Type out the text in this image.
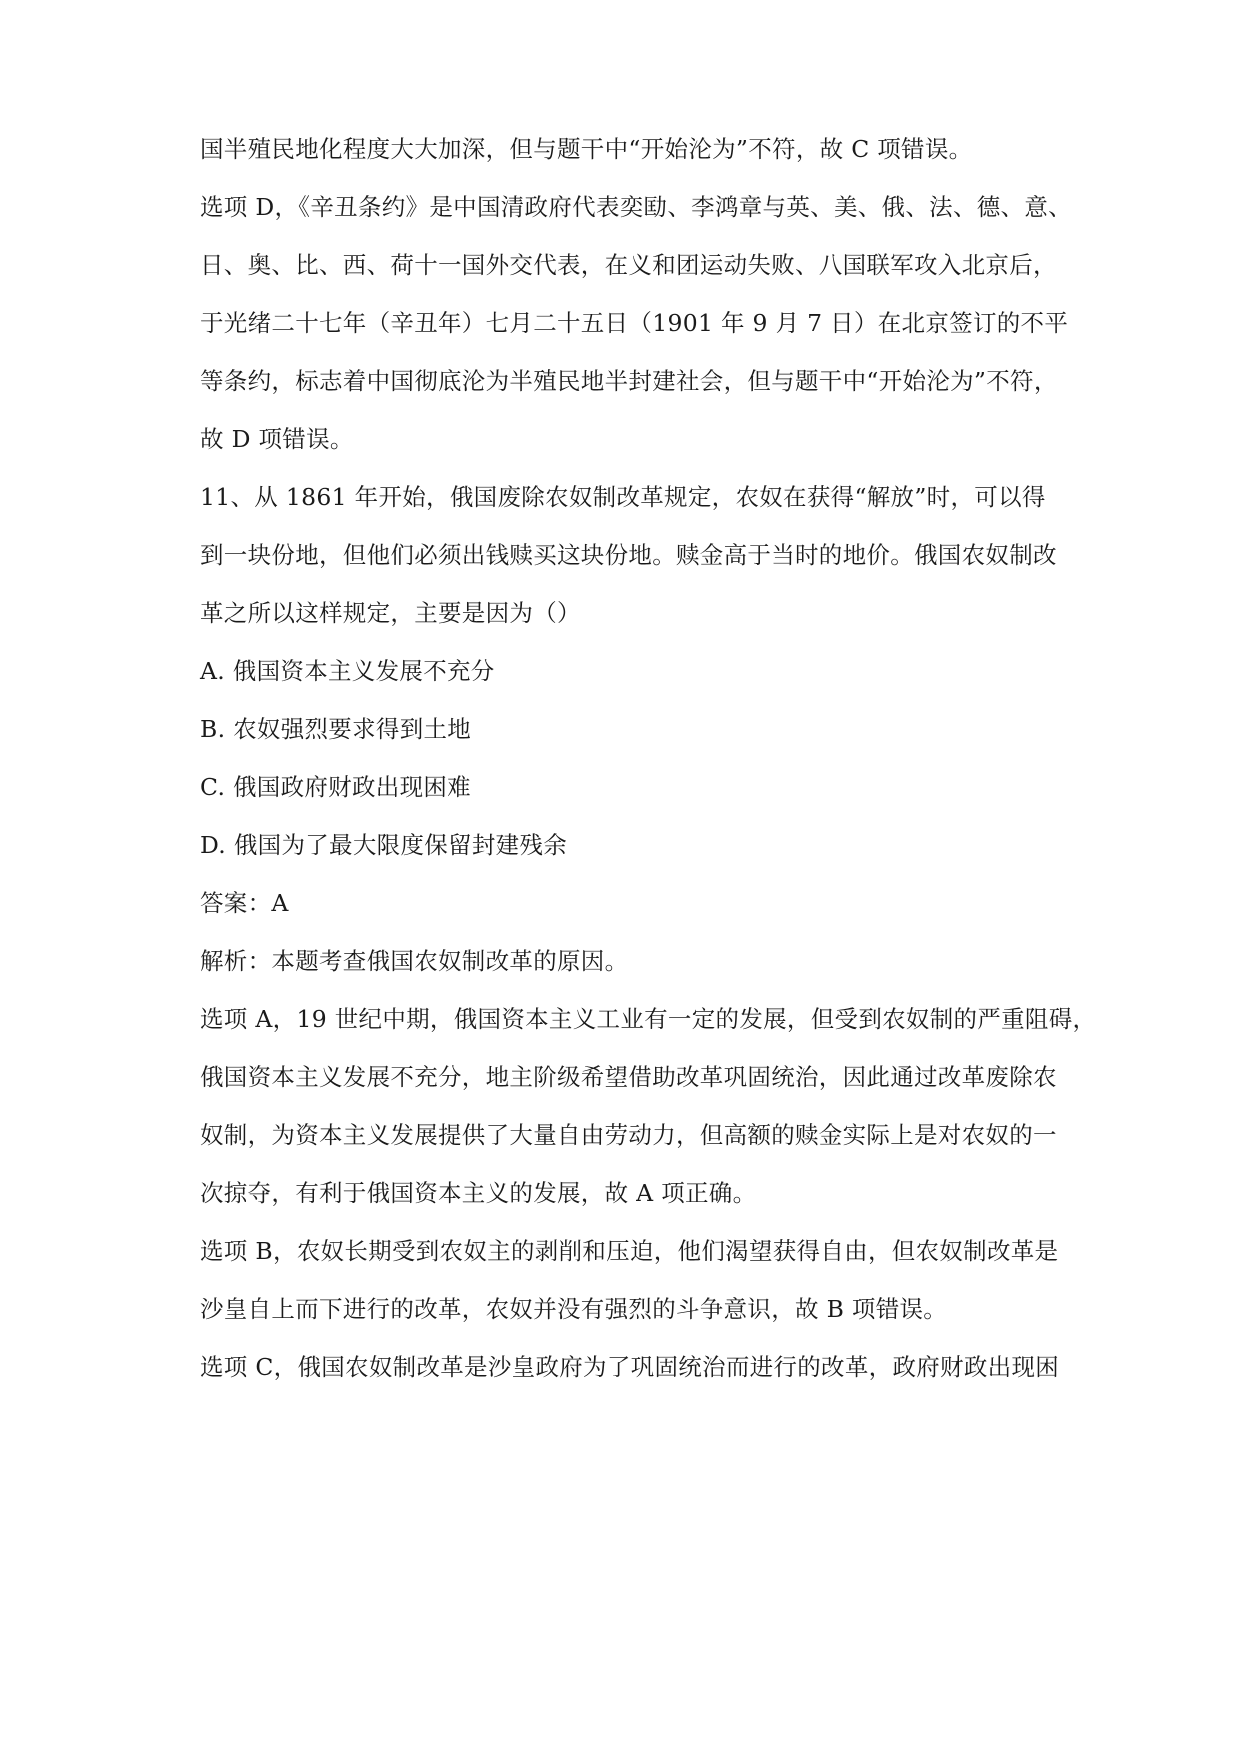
国半殖民地化程度大大加深，但与题干中“开始沦为”不符，故 C 项错误。
选项 D，《辛丑条约》是中国清政府代表奕劻、李鸿章与英、美、俄、法、德、意、
日、奥、比、西、荷十一国外交代表，在义和团运动失败、八国联军攻入北京后，
于光绪二十七年（辛丑年）七月二十五日（1901 年 9 月 7 日）在北京签订的不平
等条约，标志着中国彻底沦为半殖民地半封建社会，但与题干中“开始沦为”不符，
故 D 项错误。
11、从 1861 年开始，俄国废除农奴制改革规定，农奴在获得“解放”时，可以得
到一块份地，但他们必须出钱赎买这块份地。赎金高于当时的地价。俄国农奴制改
革之所以这样规定，主要是因为（）
A. 俄国资本主义发展不充分
B. 农奴强烈要求得到土地
C. 俄国政府财政出现困难
D. 俄国为了最大限度保留封建残余
答案：A
解析：本题考查俄国农奴制改革的原因。
选项 A，19 世纪中期，俄国资本主义工业有一定的发展，但受到农奴制的严重阻碍，
俄国资本主义发展不充分，地主阶级希望借助改革巩固统治，因此通过改革废除农
奴制，为资本主义发展提供了大量自由劳动力，但高额的赎金实际上是对农奴的一
次掠夺，有利于俄国资本主义的发展，故 A 项正确。
选项 B，农奴长期受到农奴主的剥削和压迫，他们渴望获得自由，但农奴制改革是
沙皇自上而下进行的改革，农奴并没有强烈的斗争意识，故 B 项错误。
选项 C，俄国农奴制改革是沙皇政府为了巩固统治而进行的改革，政府财政出现困
